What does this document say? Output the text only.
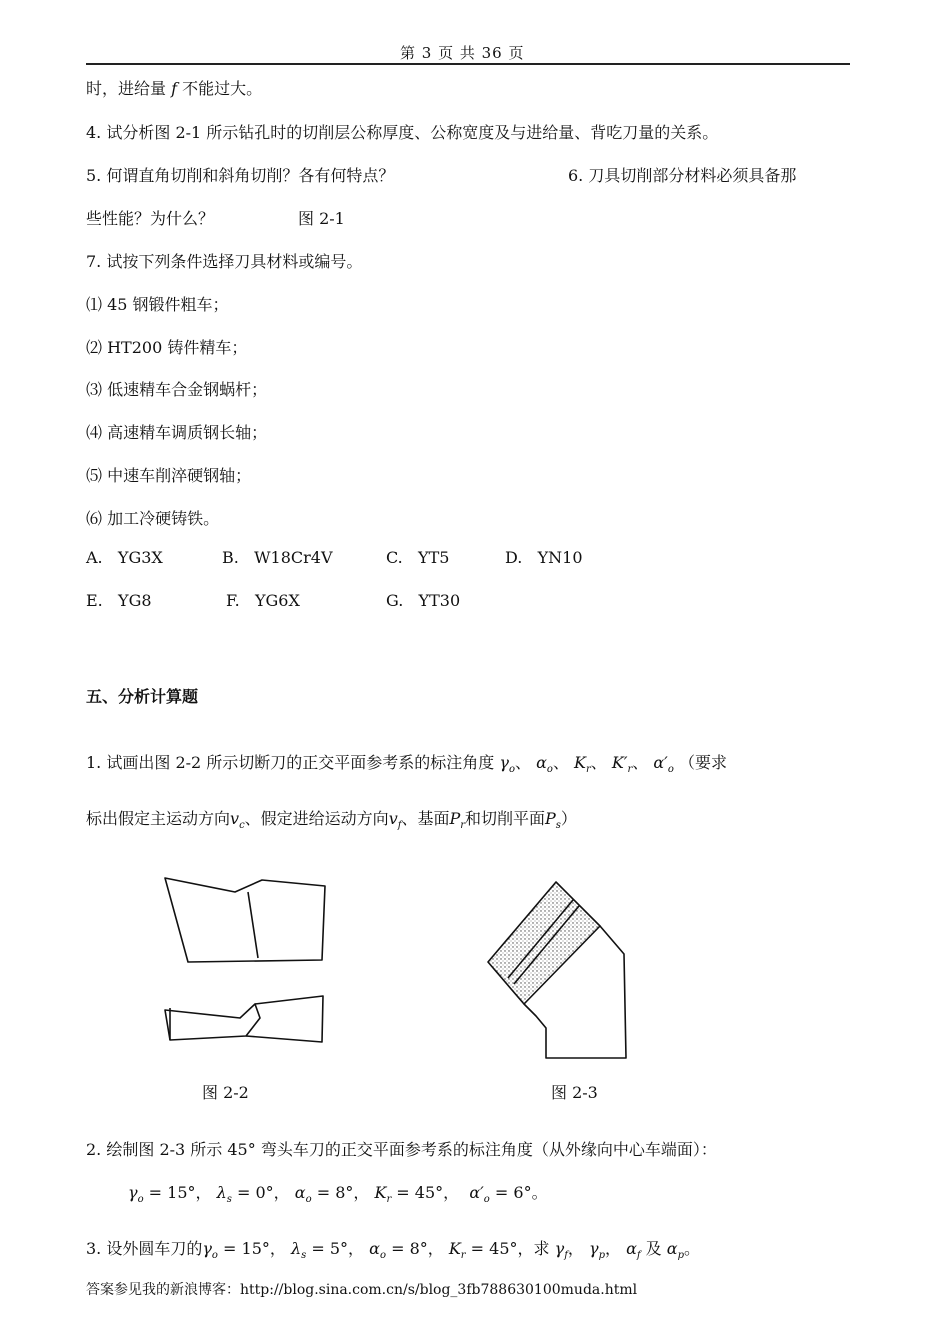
第 3 页 共 36 页
时，进给量 f 不能过大。
4. 试分析图 2-1 所示钻孔时的切削层公称厚度、公称宽度及与进给量、背吃刀量的关系。
5. 何谓直角切削和斜角切削？各有何特点？	6. 刀具切削部分材料必须具备那
些性能？为什么？	图 2-1
7. 试按下列条件选择刀具材料或编号。
⑴ 45 钢锻件粗车；
⑵ HT200 铸件精车；
⑶ 低速精车合金钢蜗杆；
⑷ 高速精车调质钢长轴；
⑸ 中速车削淬硬钢轴；
⑹ 加工冷硬铸铁。
A.   YG3X	B.   W18Cr4V	C.   YT5	D.   YN10
E.   YG8	F.   YG6X	G.   YT30
五、分析计算题
1. 试画出图 2-2 所示切断刀的正交平面参考系的标注角度 $\gamma_o$、 $\alpha_o$、 $K_r$、 $K'_r$、 $\alpha'_o$ （要求
标出假定主运动方向$v_c$、假定进给运动方向$v_f$、基面$P_r$和切削平面$P_s$）
图 2-2	图 2-3
2. 绘制图 2-3 所示 45° 弯头车刀的正交平面参考系的标注角度（从外缘向中心车端面）：
$\gamma_o = 15^\circ$， $\lambda_s = 0^\circ$， $\alpha_o = 8^\circ$， $K_r = 45^\circ$， $\alpha'_o = 6^\circ$。
3. 设外圆车刀的$\gamma_o = 15^\circ$， $\lambda_s = 5^\circ$， $\alpha_o = 8^\circ$， $K_r = 45^\circ$，求 $\gamma_f$， $\gamma_p$， $\alpha_f$ 及 $\alpha_p$。
答案参见我的新浪博客：http://blog.sina.com.cn/s/blog_3fb788630100muda.html
